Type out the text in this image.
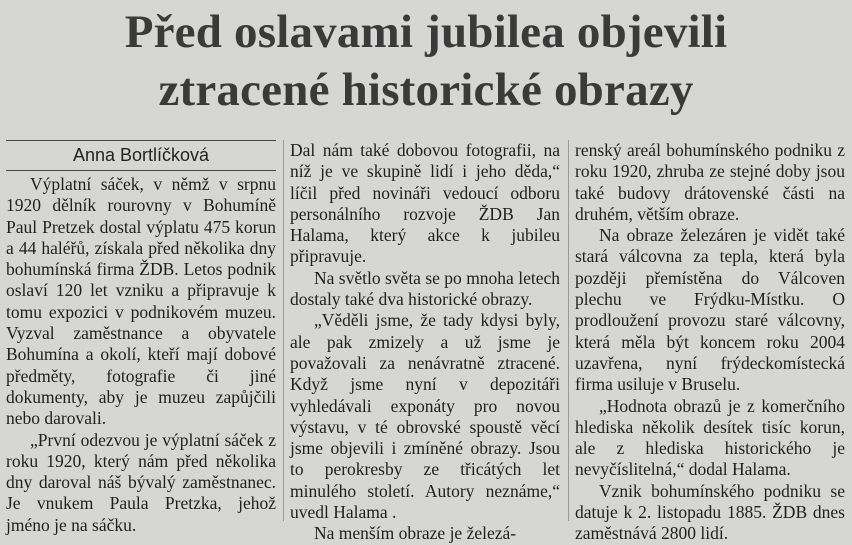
Před oslavami jubilea objevili
ztracené historické obrazy
Anna Bortlíčková

Výplatní sáček, v němž v srpnu 1920 dělník rourovny v Bohumíně Paul Pretzek dostal výplatu 475 korun a 44 haléřů, získala před několika dny bohumínská firma ŽDB. Letos podnik oslaví 120 let vzniku a připravuje k tomu expozici v podnikovém muzeu. Vyzval zaměstnance a obyvatele Bohumína a okolí, kteří mají dobové předměty, fotografie či jiné dokumenty, aby je muzeu zapůjčili nebo darovali.

„První odezvou je výplatní sáček z roku 1920, který nám před několika dny daroval náš bývalý zaměstnanec. Je vnukem Paula Pretzka, jehož jméno je na sáčku.

Dal nám také dobovou fotografii, na níž je ve skupině lidí i jeho děda,“ líčil před novináři vedoucí odboru personálního rozvoje ŽDB Jan Halama, který akce k jubileu připravuje.

Na světlo světa se po mnoha letech dostaly také dva historické obrazy.

„Věděli jsme, že tady kdysi byly, ale pak zmizely a už jsme je považovali za nenávratně ztracené. Když jsme nyní v depozitáři vyhledávali exponáty pro novou výstavu, v té obrovské spoustě věcí jsme objevili i zmíněné obrazy. Jsou to perokresby ze třicátých let minulého století. Autory neznáme,“ uvedl Halama .

Na menším obraze je železá-

renský areál bohumínského podniku z roku 1920, zhruba ze stejné doby jsou také budovy drátovenské části na druhém, větším obraze.

Na obraze železáren je vidět také stará válcovna za tepla, která byla později přemístěna do Válcoven plechu ve Frýdku-Místku. O prodloužení provozu staré válcovny, která měla být koncem roku 2004 uzavřena, nyní frýdeckomístecká firma usiluje v Bruselu.

„Hodnota obrazů je z komerčního hlediska několik desítek tisíc korun, ale z hlediska historického je nevyčíslitelná,“ dodal Halama.

Vznik bohumínského podniku se datuje k 2. listopadu 1885. ŽDB dnes zaměstnává 2800 lidí.
